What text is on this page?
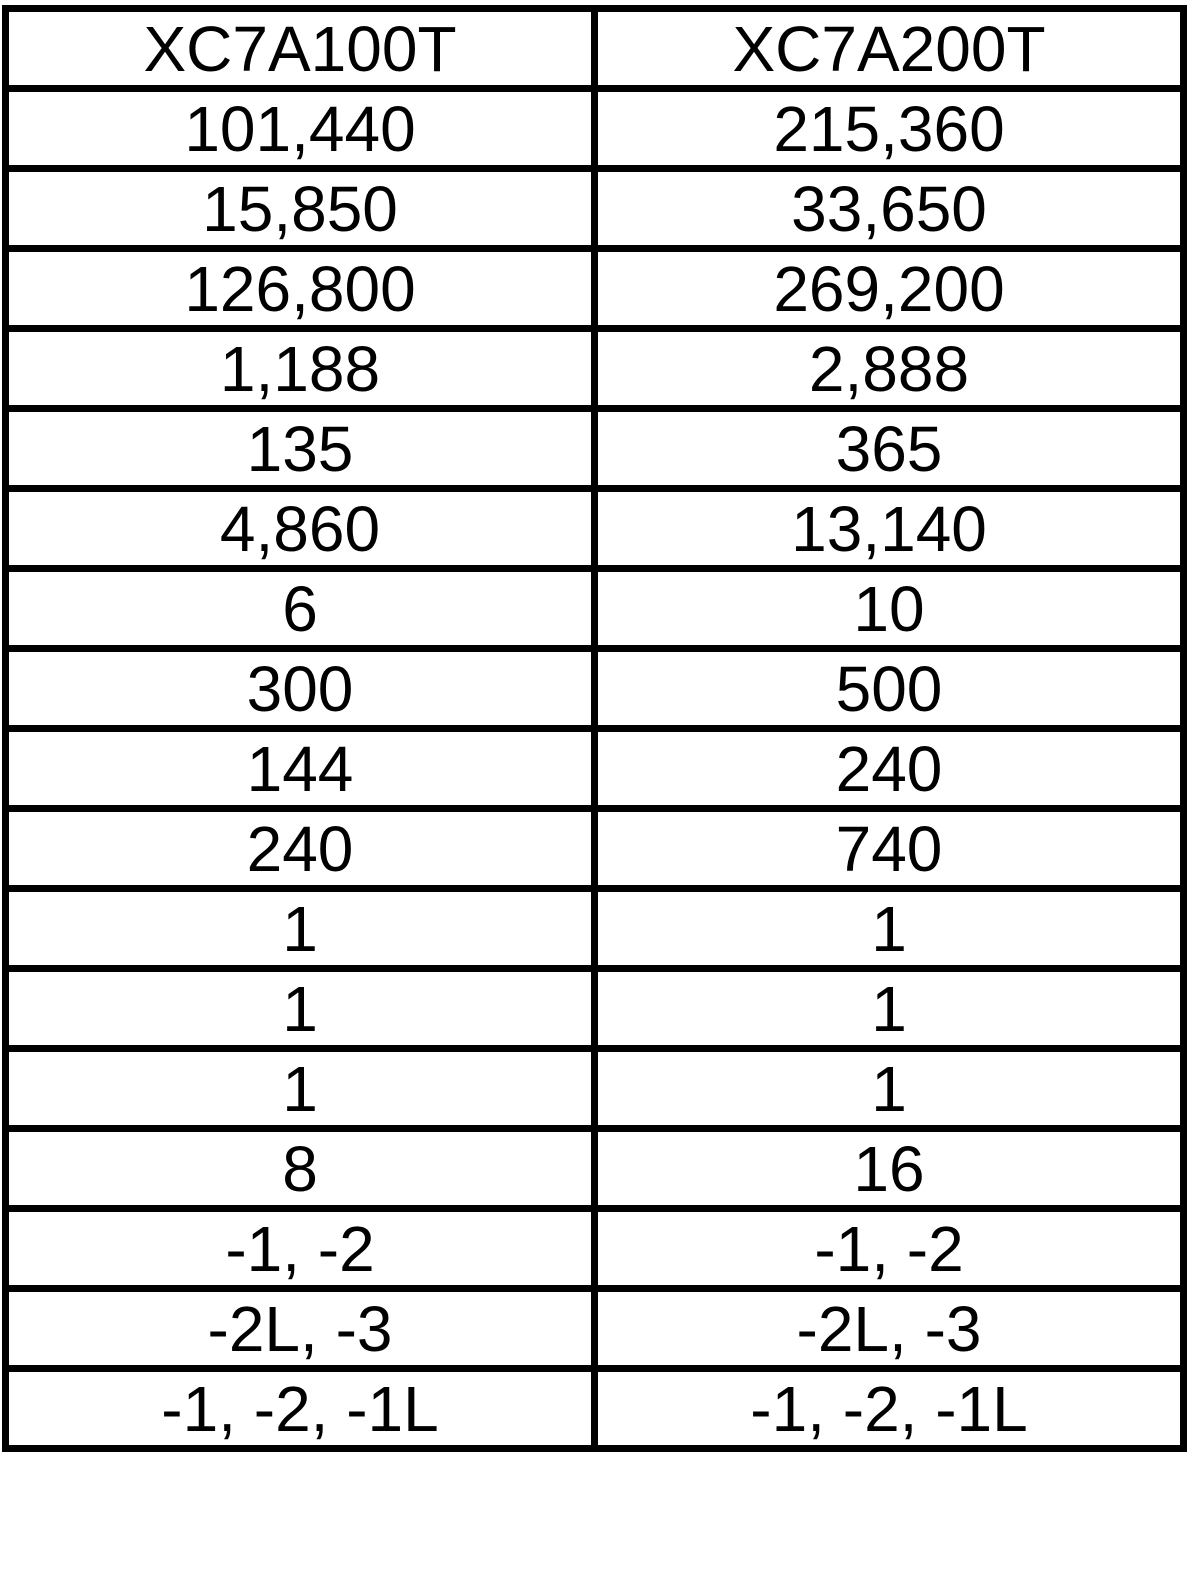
XC7A100T	XC7A200T
101,440	215,360
15,850	33,650
126,800	269,200
1,188	2,888
135	365
4,860	13,140
6	10
300	500
144	240
240	740
1	1
1	1
1	1
8	16
-1, -2	-1, -2
-2L, -3	-2L, -3
-1, -2, -1L	-1, -2, -1L
